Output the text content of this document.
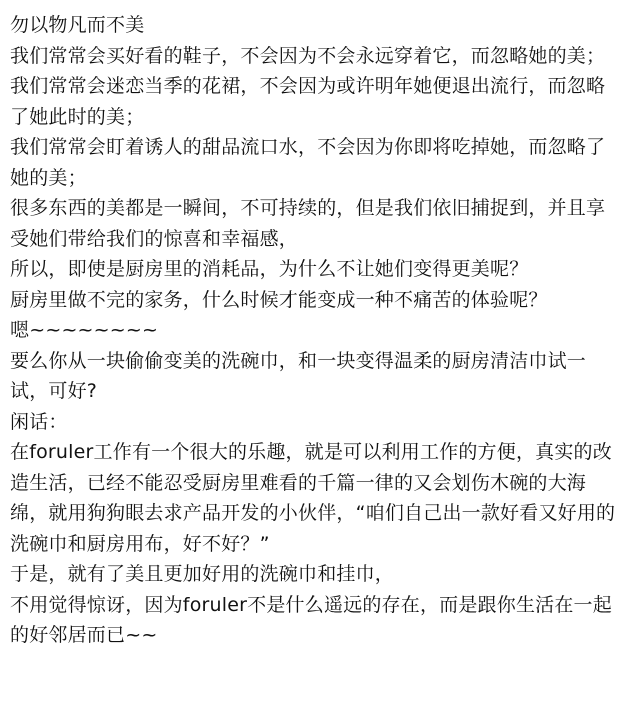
勿以物凡而不美

我们常常会买好看的鞋子，不会因为不会永远穿着它，而忽略她的美；

我们常常会迷恋当季的花裙，不会因为或许明年她便退出流行，而忽略了她此时的美；

我们常常会盯着诱人的甜品流口水，不会因为你即将吃掉她，而忽略了她的美；

很多东西的美都是一瞬间，不可持续的，但是我们依旧捕捉到，并且享受她们带给我们的惊喜和幸福感，

所以，即使是厨房里的消耗品，为什么不让她们变得更美呢？

厨房里做不完的家务，什么时候才能变成一种不痛苦的体验呢？

嗯~~~~~~~~

要么你从一块偷偷变美的洗碗巾，和一块变得温柔的厨房清洁巾试一试，可好?

闲话：

在foruler工作有一个很大的乐趣，就是可以利用工作的方便，真实的改造生活，已经不能忍受厨房里难看的千篇一律的又会划伤木碗的大海绵，就用狗狗眼去求产品开发的小伙伴，“咱们自己出一款好看又好用的洗碗巾和厨房用布，好不好？”

于是，就有了美且更加好用的洗碗巾和挂巾，

不用觉得惊讶，因为foruler不是什么遥远的存在，而是跟你生活在一起的好邻居而已~~
